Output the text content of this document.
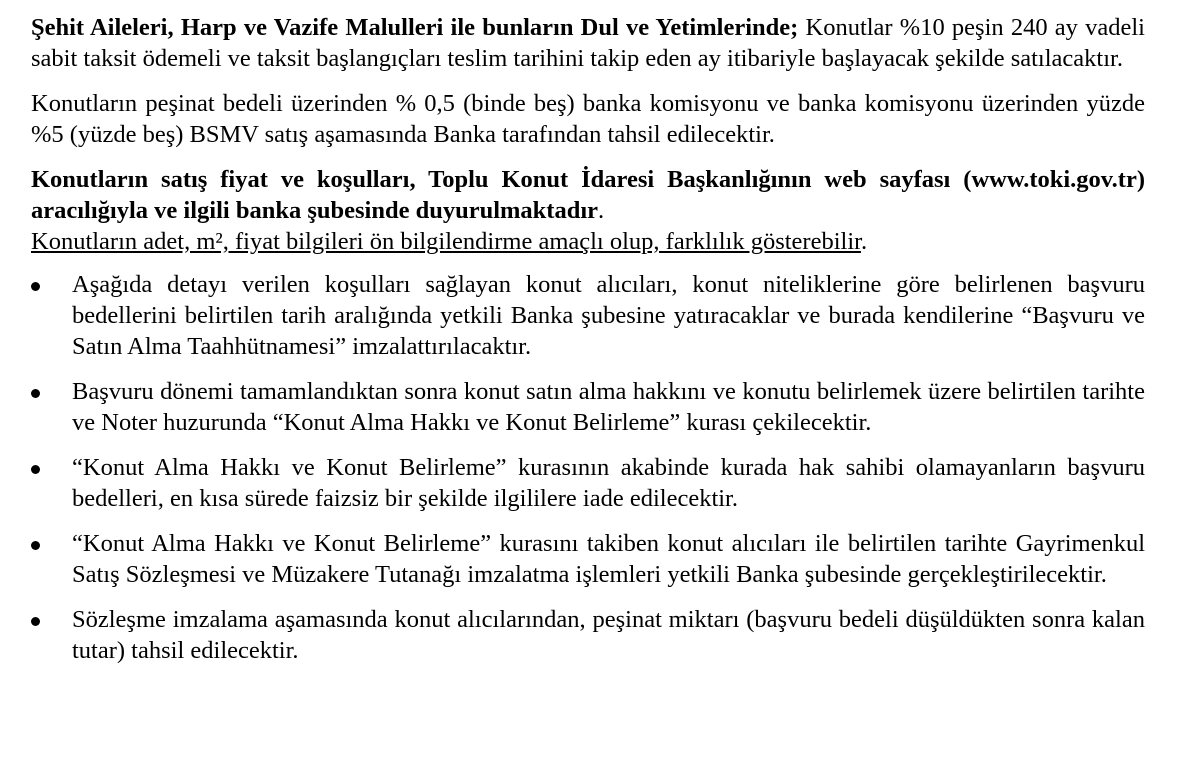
Şehit Aileleri, Harp ve Vazife Malulleri ile bunların Dul ve Yetimlerinde; Konutlar %10 peşin 240 ay vadeli sabit taksit ödemeli ve taksit başlangıçları teslim tarihini takip eden ay itibariyle başlayacak şekilde satılacaktır.

Konutların peşinat bedeli üzerinden % 0,5 (binde beş) banka komisyonu ve banka komisyonu üzerinden yüzde %5 (yüzde beş) BSMV satış aşamasında Banka tarafından tahsil edilecektir.

Konutların satış fiyat ve koşulları, Toplu Konut İdaresi Başkanlığının web sayfası (www.toki.gov.tr) aracılığıyla ve ilgili banka şubesinde duyurulmaktadır.
Konutların adet, m², fiyat bilgileri ön bilgilendirme amaçlı olup, farklılık gösterebilir.

Aşağıda detayı verilen koşulları sağlayan konut alıcıları, konut niteliklerine göre belirlenen başvuru bedellerini belirtilen tarih aralığında yetkili Banka şubesine yatıracaklar ve burada kendilerine “Başvuru ve Satın Alma Taahhütnamesi” imzalattırılacaktır.
Başvuru dönemi tamamlandıktan sonra konut satın alma hakkını ve konutu belirlemek üzere belirtilen tarihte ve Noter huzurunda “Konut Alma Hakkı ve Konut Belirleme” kurası çekilecektir.
“Konut Alma Hakkı ve Konut Belirleme” kurasının akabinde kurada hak sahibi olamayanların başvuru bedelleri, en kısa sürede faizsiz bir şekilde ilgililere iade edilecektir.
“Konut Alma Hakkı ve Konut Belirleme” kurasını takiben konut alıcıları ile belirtilen tarihte Gayrimenkul Satış Sözleşmesi ve Müzakere Tutanağı imzalatma işlemleri yetkili Banka şubesinde gerçekleştirilecektir.
Sözleşme imzalama aşamasında konut alıcılarından, peşinat miktarı (başvuru bedeli düşüldükten sonra kalan tutar) tahsil edilecektir.
